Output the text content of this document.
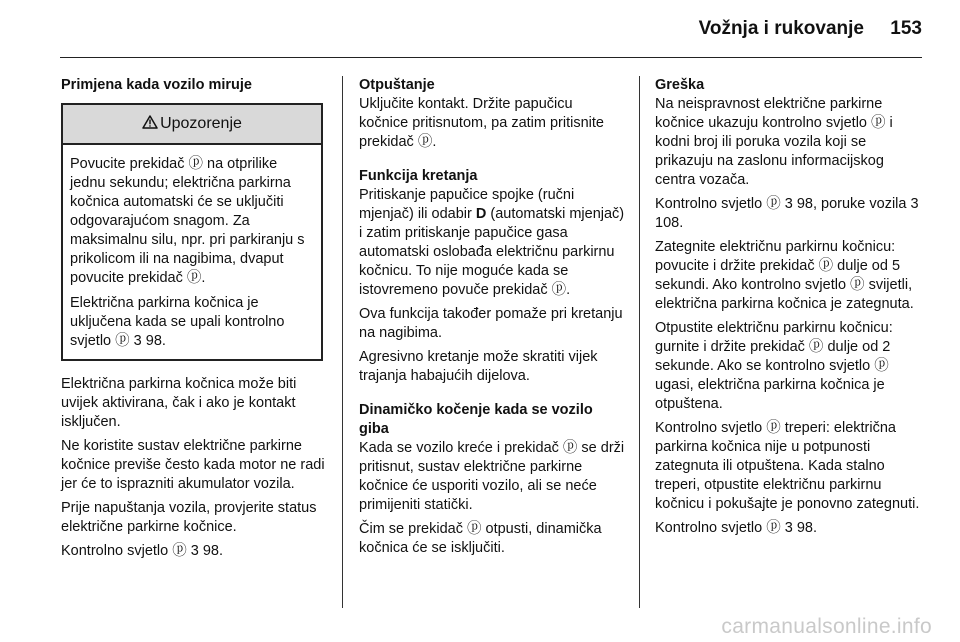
Vožnja i rukovanje 153

Primjena kada vozilo miruje

Upozorenje

Povucite prekidač ⓟ na otprilike jednu sekundu; električna parkirna kočnica automatski će se uključiti odgovarajućom snagom. Za maksimalnu silu, npr. pri parkiranju s prikolicom ili na nagibima, dvaput povucite prekidač ⓟ.

Električna parkirna kočnica je uključena kada se upali kontrolno svjetlo ⓟ 3 98.

Električna parkirna kočnica može biti uvijek aktivirana, čak i ako je kontakt isključen.

Ne koristite sustav električne parkirne kočnice previše često kada motor ne radi jer će to isprazniti akumulator vozila.

Prije napuštanja vozila, provjerite status električne parkirne kočnice.

Kontrolno svjetlo ⓟ 3 98.

Otpuštanje

Uključite kontakt. Držite papučicu kočnice pritisnutom, pa zatim pritisnite prekidač ⓟ.

Funkcija kretanja

Pritiskanje papučice spojke (ručni mjenjač) ili odabir D (automatski mjenjač) i zatim pritiskanje papučice gasa automatski oslobađa električnu parkirnu kočnicu. To nije moguće kada se istovremeno povuče prekidač ⓟ.

Ova funkcija također pomaže pri kretanju na nagibima.

Agresivno kretanje može skratiti vijek trajanja habajućih dijelova.

Dinamičko kočenje kada se vozilo giba

Kada se vozilo kreće i prekidač ⓟ se drži pritisnut, sustav električne parkirne kočnice će usporiti vozilo, ali se neće primijeniti statički.

Čim se prekidač ⓟ otpusti, dinamička kočnica će se isključiti.

Greška

Na neispravnost električne parkirne kočnice ukazuju kontrolno svjetlo ⓟ i kodni broj ili poruka vozila koji se prikazuju na zaslonu informacijskog centra vozača.

Kontrolno svjetlo ⓟ 3 98, poruke vozila 3 108.

Zategnite električnu parkirnu kočnicu: povucite i držite prekidač ⓟ dulje od 5 sekundi. Ako kontrolno svjetlo ⓟ svijetli, električna parkirna kočnica je zategnuta.

Otpustite električnu parkirnu kočnicu: gurnite i držite prekidač ⓟ dulje od 2 sekunde. Ako se kontrolno svjetlo ⓟ ugasi, električna parkirna kočnica je otpuštena.

Kontrolno svjetlo ⓟ treperi: električna parkirna kočnica nije u potpunosti zategnuta ili otpuštena. Kada stalno treperi, otpustite električnu parkirnu kočnicu i pokušajte je ponovno zategnuti.

Kontrolno svjetlo ⓟ 3 98.

carmanualsonline.info
